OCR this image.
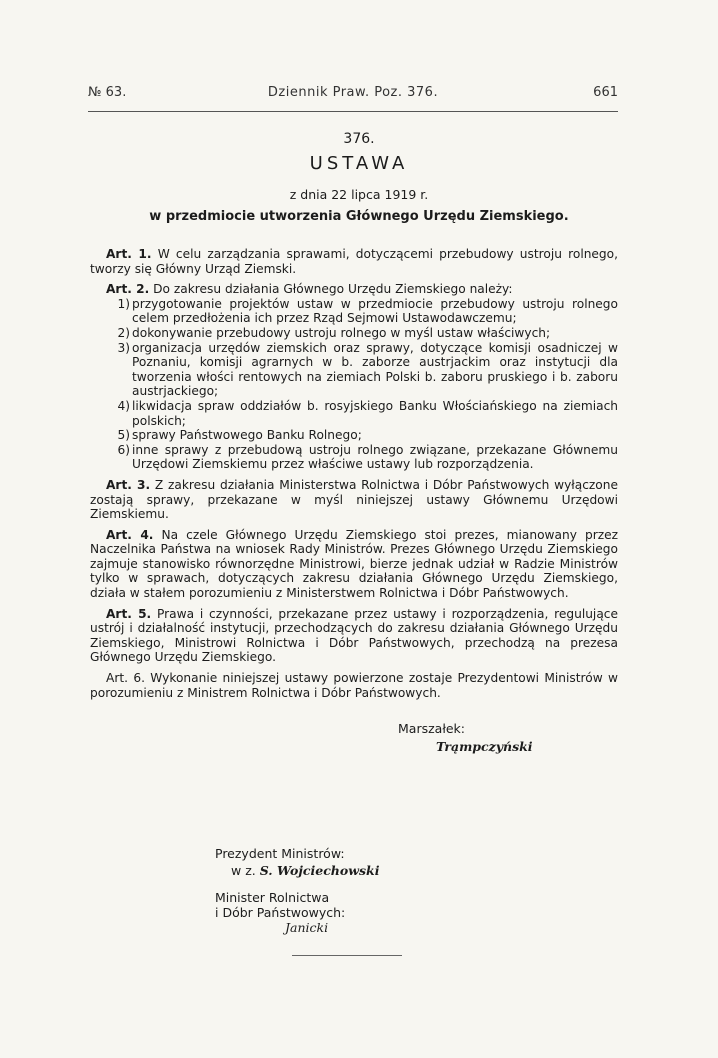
№ 63.	Dziennik Praw. Poz. 376.	661
376.
USTAWA
z dnia 22 lipca 1919 r.
w przedmiocie utworzenia Głównego Urzędu Ziemskiego.

Art. 1. W celu zarządzania sprawami, dotyczącemi przebudowy ustroju rolnego, tworzy się Główny Urząd Ziemski.

Art. 2. Do zakresu działania Głównego Urzędu Ziemskiego należy:

1) przygotowanie projektów ustaw w przedmiocie przebudowy ustroju rolnego celem przedłożenia ich przez Rząd Sejmowi Ustawodawczemu;
2) dokonywanie przebudowy ustroju rolnego w myśl ustaw właściwych;
3) organizacja urzędów ziemskich oraz sprawy, dotyczące komisji osadniczej w Poznaniu, komisji agrarnych w b. zaborze austrjackim oraz instytucji dla tworzenia włości rentowych na ziemiach Polski b. zaboru pruskiego i b. zaboru austrjackiego;
4) likwidacja spraw oddziałów b. rosyjskiego Banku Włościańskiego na ziemiach polskich;
5) sprawy Państwowego Banku Rolnego;
6) inne sprawy z przebudową ustroju rolnego związane, przekazane Głównemu Urzędowi Ziemskiemu przez właściwe ustawy lub rozporządzenia.

Art. 3. Z zakresu działania Ministerstwa Rolnictwa i Dóbr Państwowych wyłączone zostają sprawy, przekazane w myśl niniejszej ustawy Głównemu Urzędowi Ziemskiemu.

Art. 4. Na czele Głównego Urzędu Ziemskiego stoi prezes, mianowany przez Naczelnika Państwa na wniosek Rady Ministrów. Prezes Głównego Urzędu Ziemskiego zajmuje stanowisko równorzędne Ministrowi, bierze jednak udział w Radzie Ministrów tylko w sprawach, dotyczących zakresu działania Głównego Urzędu Ziemskiego, działa w stałem porozumieniu z Ministerstwem Rolnictwa i Dóbr Państwowych.

Art. 5. Prawa i czynności, przekazane przez ustawy i rozporządzenia, regulujące ustrój i działalność instytucji, przechodzących do zakresu działania Głównego Urzędu Ziemskiego, Ministrowi Rolnictwa i Dóbr Państwowych, przechodzą na prezesa Głównego Urzędu Ziemskiego.

Art. 6. Wykonanie niniejszej ustawy powierzone zostaje Prezydentowi Ministrów w porozumieniu z Ministrem Rolnictwa i Dóbr Państwowych.

Marszałek:
Trąmpczyński
Prezydent Ministrów:
w z. S. Wojciechowski
Minister Rolnictwa
i Dóbr Państwowych:
Janicki
